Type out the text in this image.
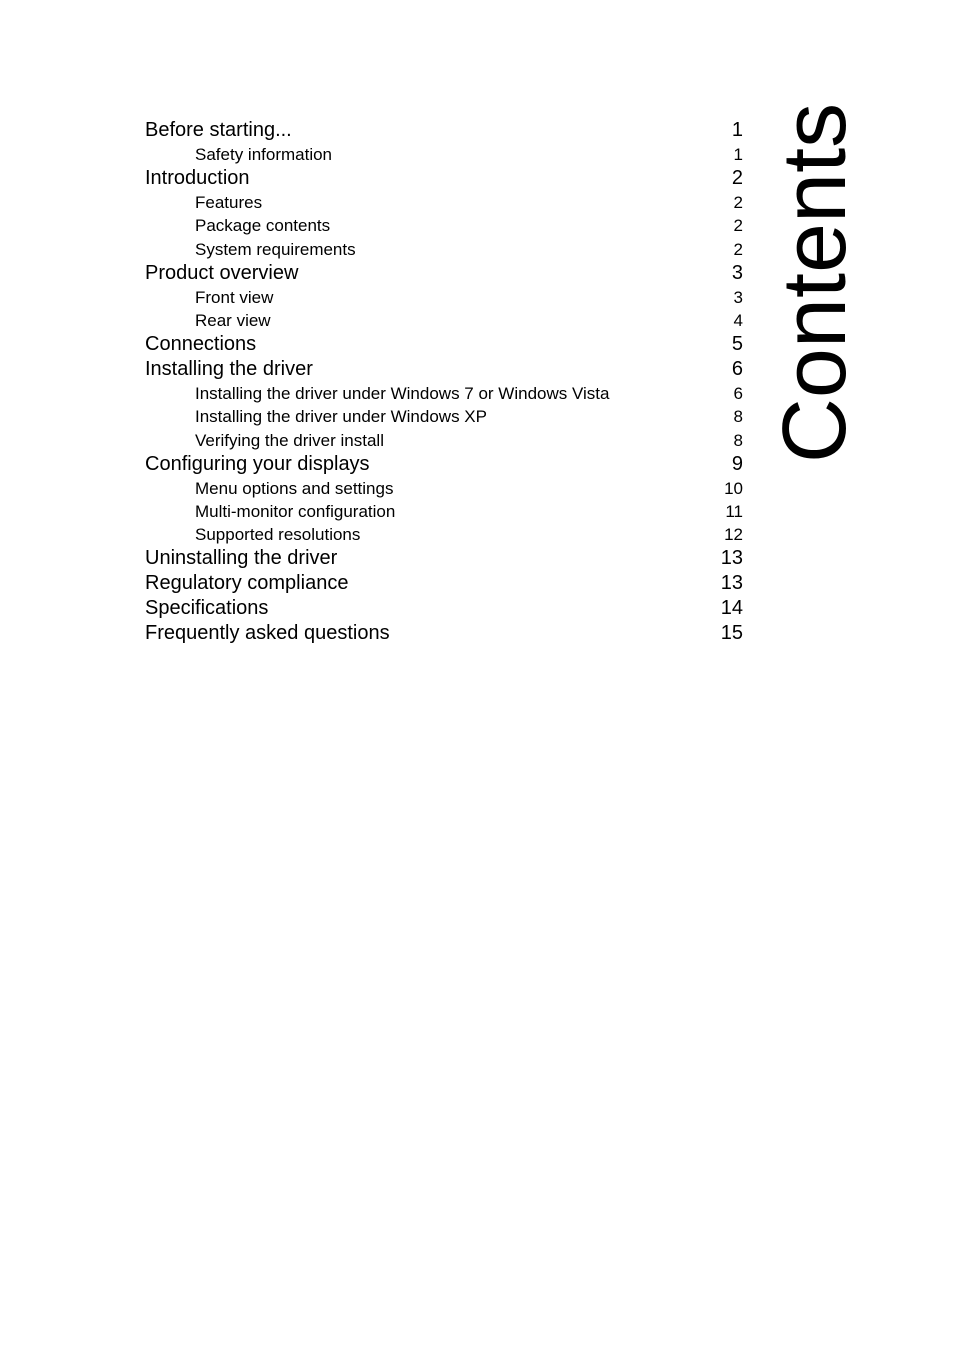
Before starting...	1
Safety information	1
Introduction	2
Features	2
Package contents	2
System requirements	2
Product overview	3
Front view	3
Rear view	4
Connections	5
Installing the driver	6
Installing the driver under Windows 7 or Windows Vista	6
Installing the driver under Windows XP	8
Verifying the driver install	8
Configuring your displays	9
Menu options and settings	10
Multi-monitor configuration	11
Supported resolutions	12
Uninstalling the driver	13
Regulatory compliance	13
Specifications	14
Frequently asked questions	15
Contents
